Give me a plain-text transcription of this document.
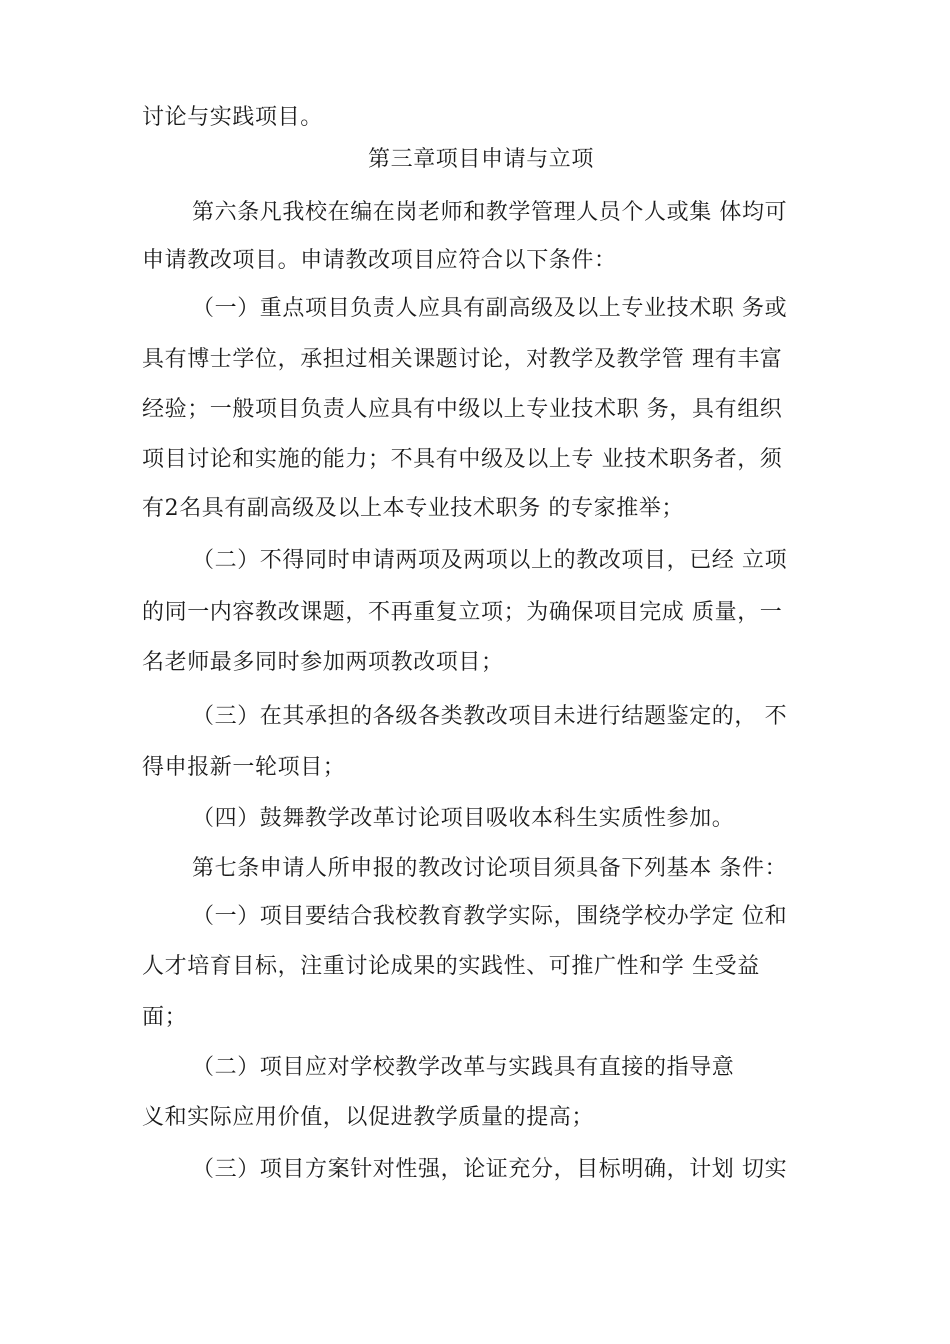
讨论与实践项目。
第三章项目申请与立项
第六条凡我校在编在岗老师和教学管理人员个人或集 体均可
申请教改项目。申请教改项目应符合以下条件：
（一）重点项目负责人应具有副高级及以上专业技术职 务或
具有博士学位，承担过相关课题讨论，对教学及教学管 理有丰富
经验；一般项目负责人应具有中级以上专业技术职 务，具有组织
项目讨论和实施的能力；不具有中级及以上专 业技术职务者，须
有2名具有副高级及以上本专业技术职务 的专家推举；
（二）不得同时申请两项及两项以上的教改项目，已经 立项
的同一内容教改课题，不再重复立项；为确保项目完成 质量，一
名老师最多同时参加两项教改项目；
（三）在其承担的各级各类教改项目未进行结题鉴定的， 不
得申报新一轮项目；
（四）鼓舞教学改革讨论项目吸收本科生实质性参加。
第七条申请人所申报的教改讨论项目须具备下列基本 条件：
（一）项目要结合我校教育教学实际，围绕学校办学定 位和
人才培育目标，注重讨论成果的实践性、可推广性和学 生受益
面；
（二）项目应对学校教学改革与实践具有直接的指导意
义和实际应用价值，以促进教学质量的提高；
（三）项目方案针对性强，论证充分，目标明确，计划 切实
